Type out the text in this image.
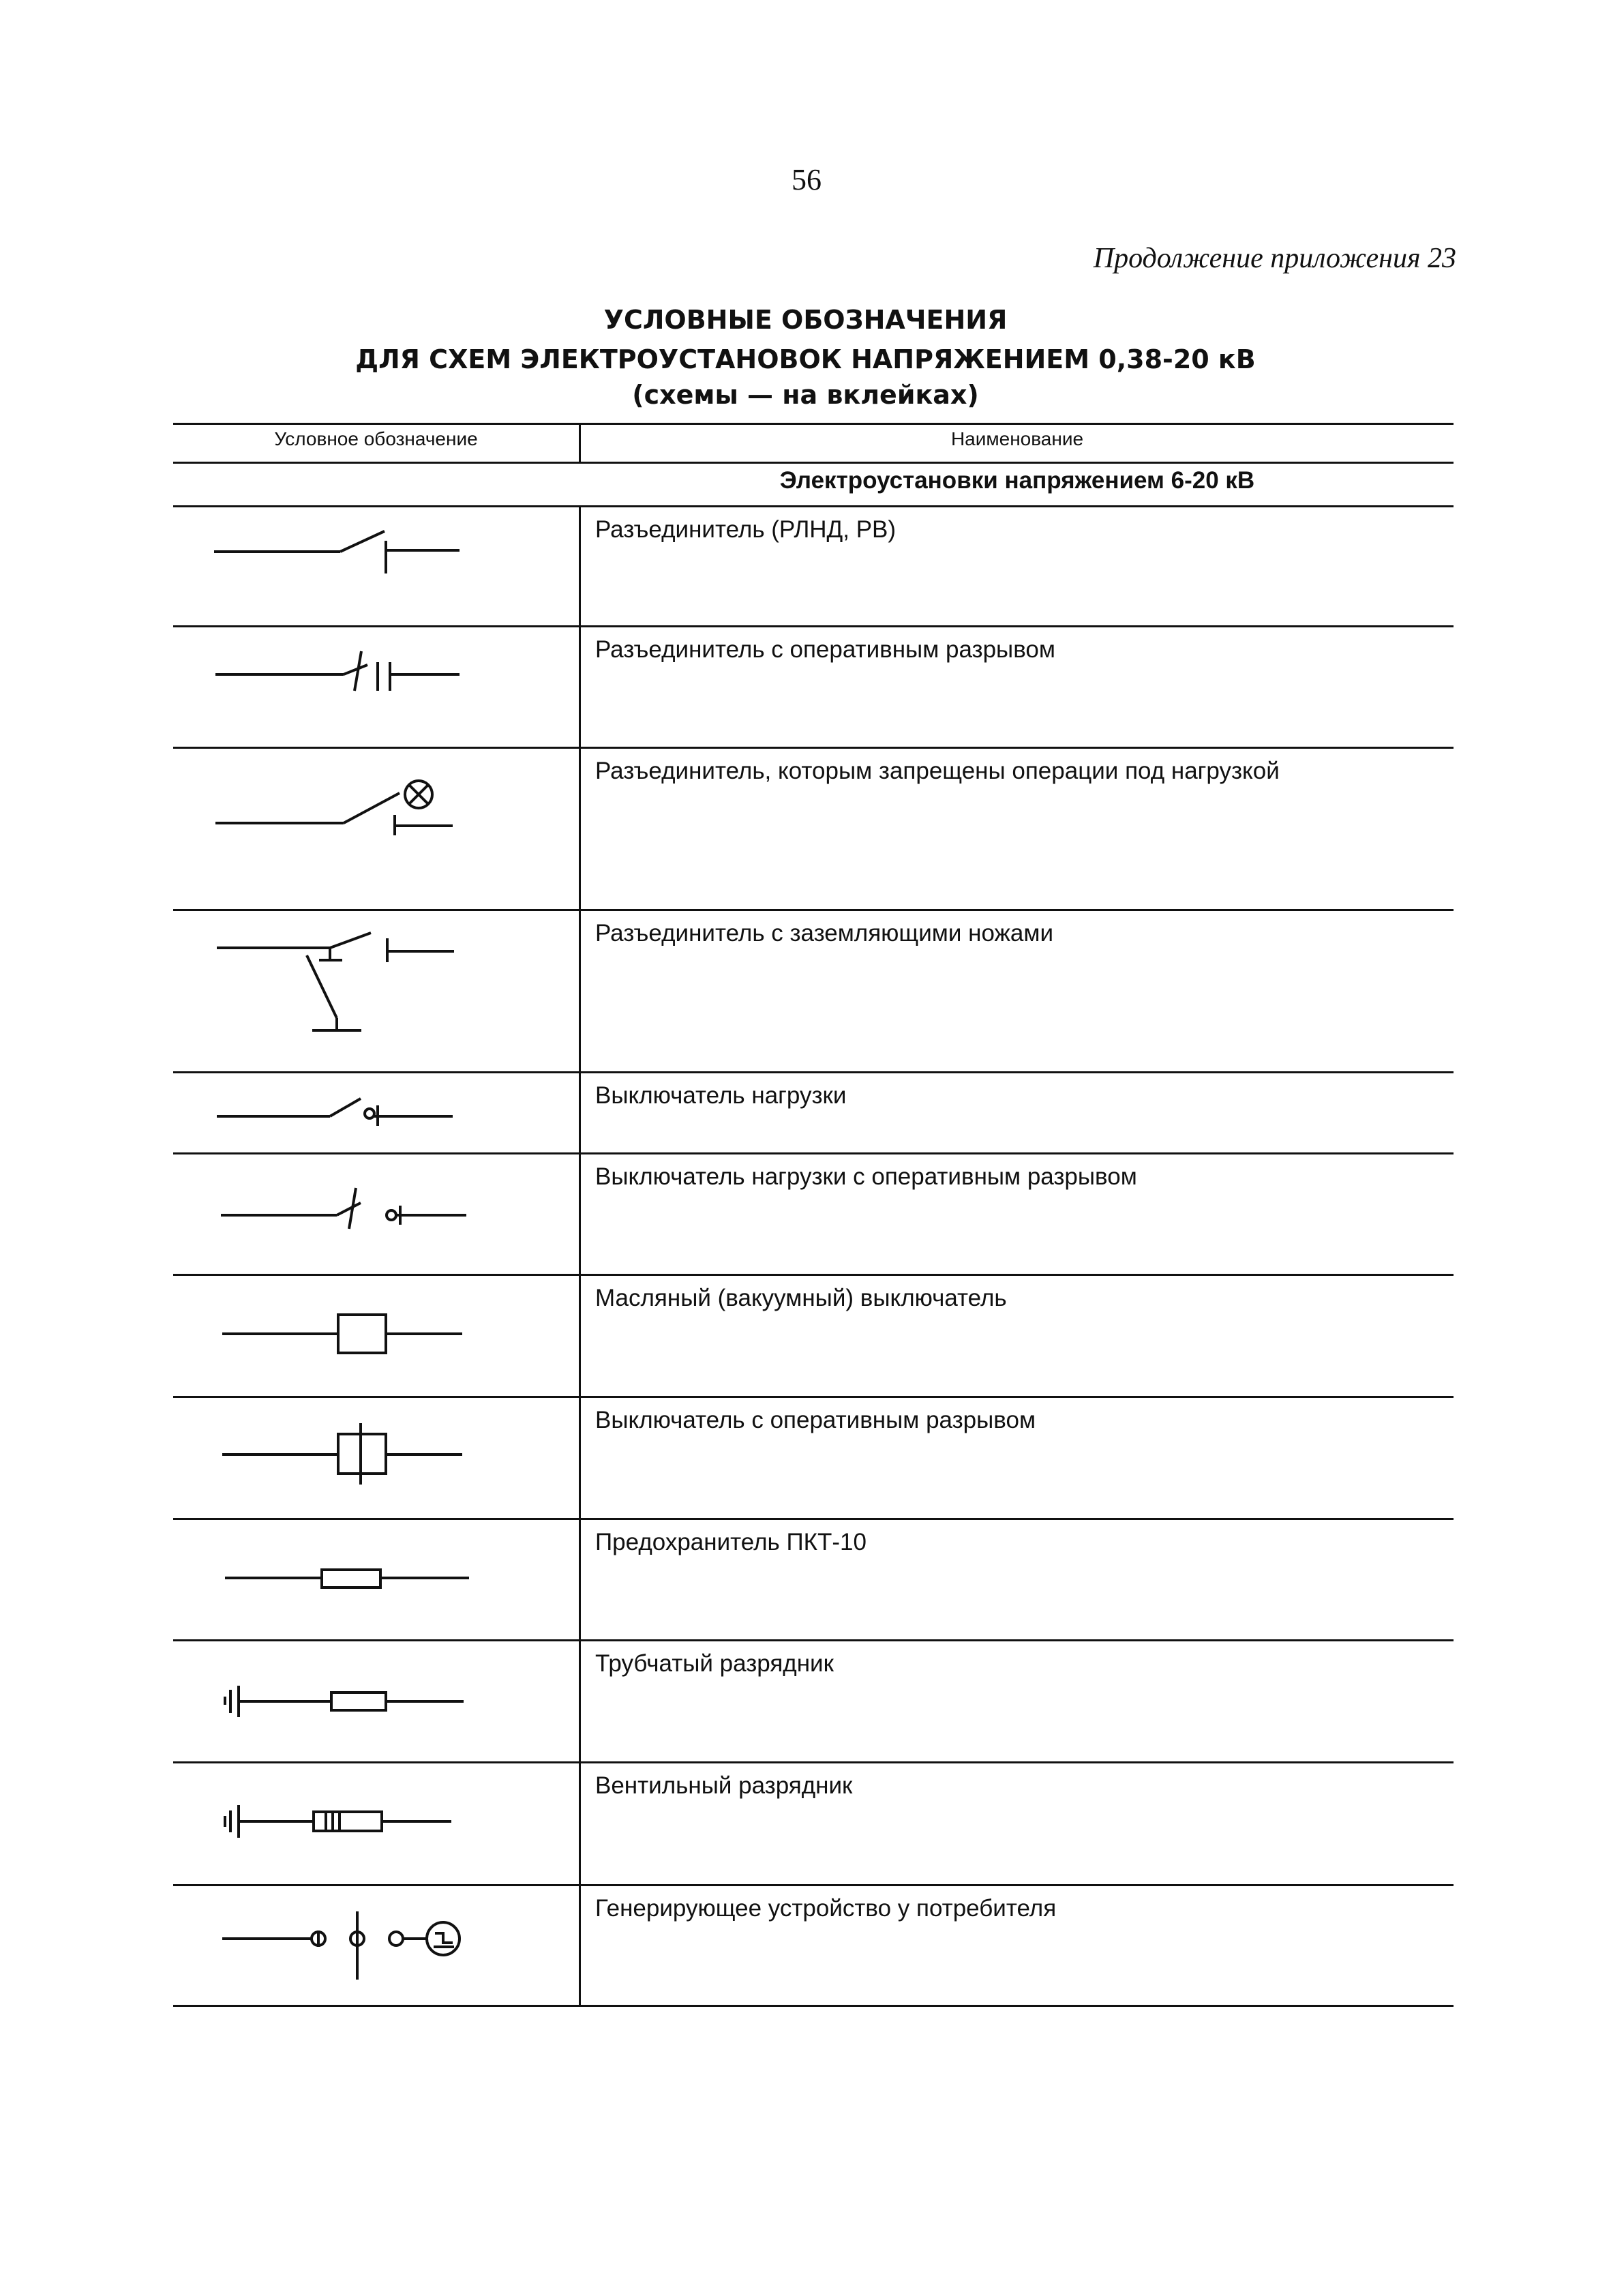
56
Продолжение приложения 23
УСЛОВНЫЕ ОБОЗНАЧЕНИЯ
ДЛЯ СХЕМ ЭЛЕКТРОУСТАНОВОК НАПРЯЖЕНИЕМ 0,38-20 кВ
(схемы — на вклейках)
Условное обозначение	Наименование
Электроустановки напряжением 6-20 кВ
Разъединитель (РЛНД, РВ)
Разъединитель с оперативным разрывом
Разъединитель, которым запрещены операции под нагрузкой
Разъединитель с заземляющими ножами
Выключатель нагрузки
Выключатель нагрузки с оперативным разрывом
Масляный (вакуумный) выключатель
Выключатель с оперативным разрывом
Предохранитель ПКТ-10
Трубчатый разрядник
Вентильный разрядник
Генерирующее устройство у потребителя
